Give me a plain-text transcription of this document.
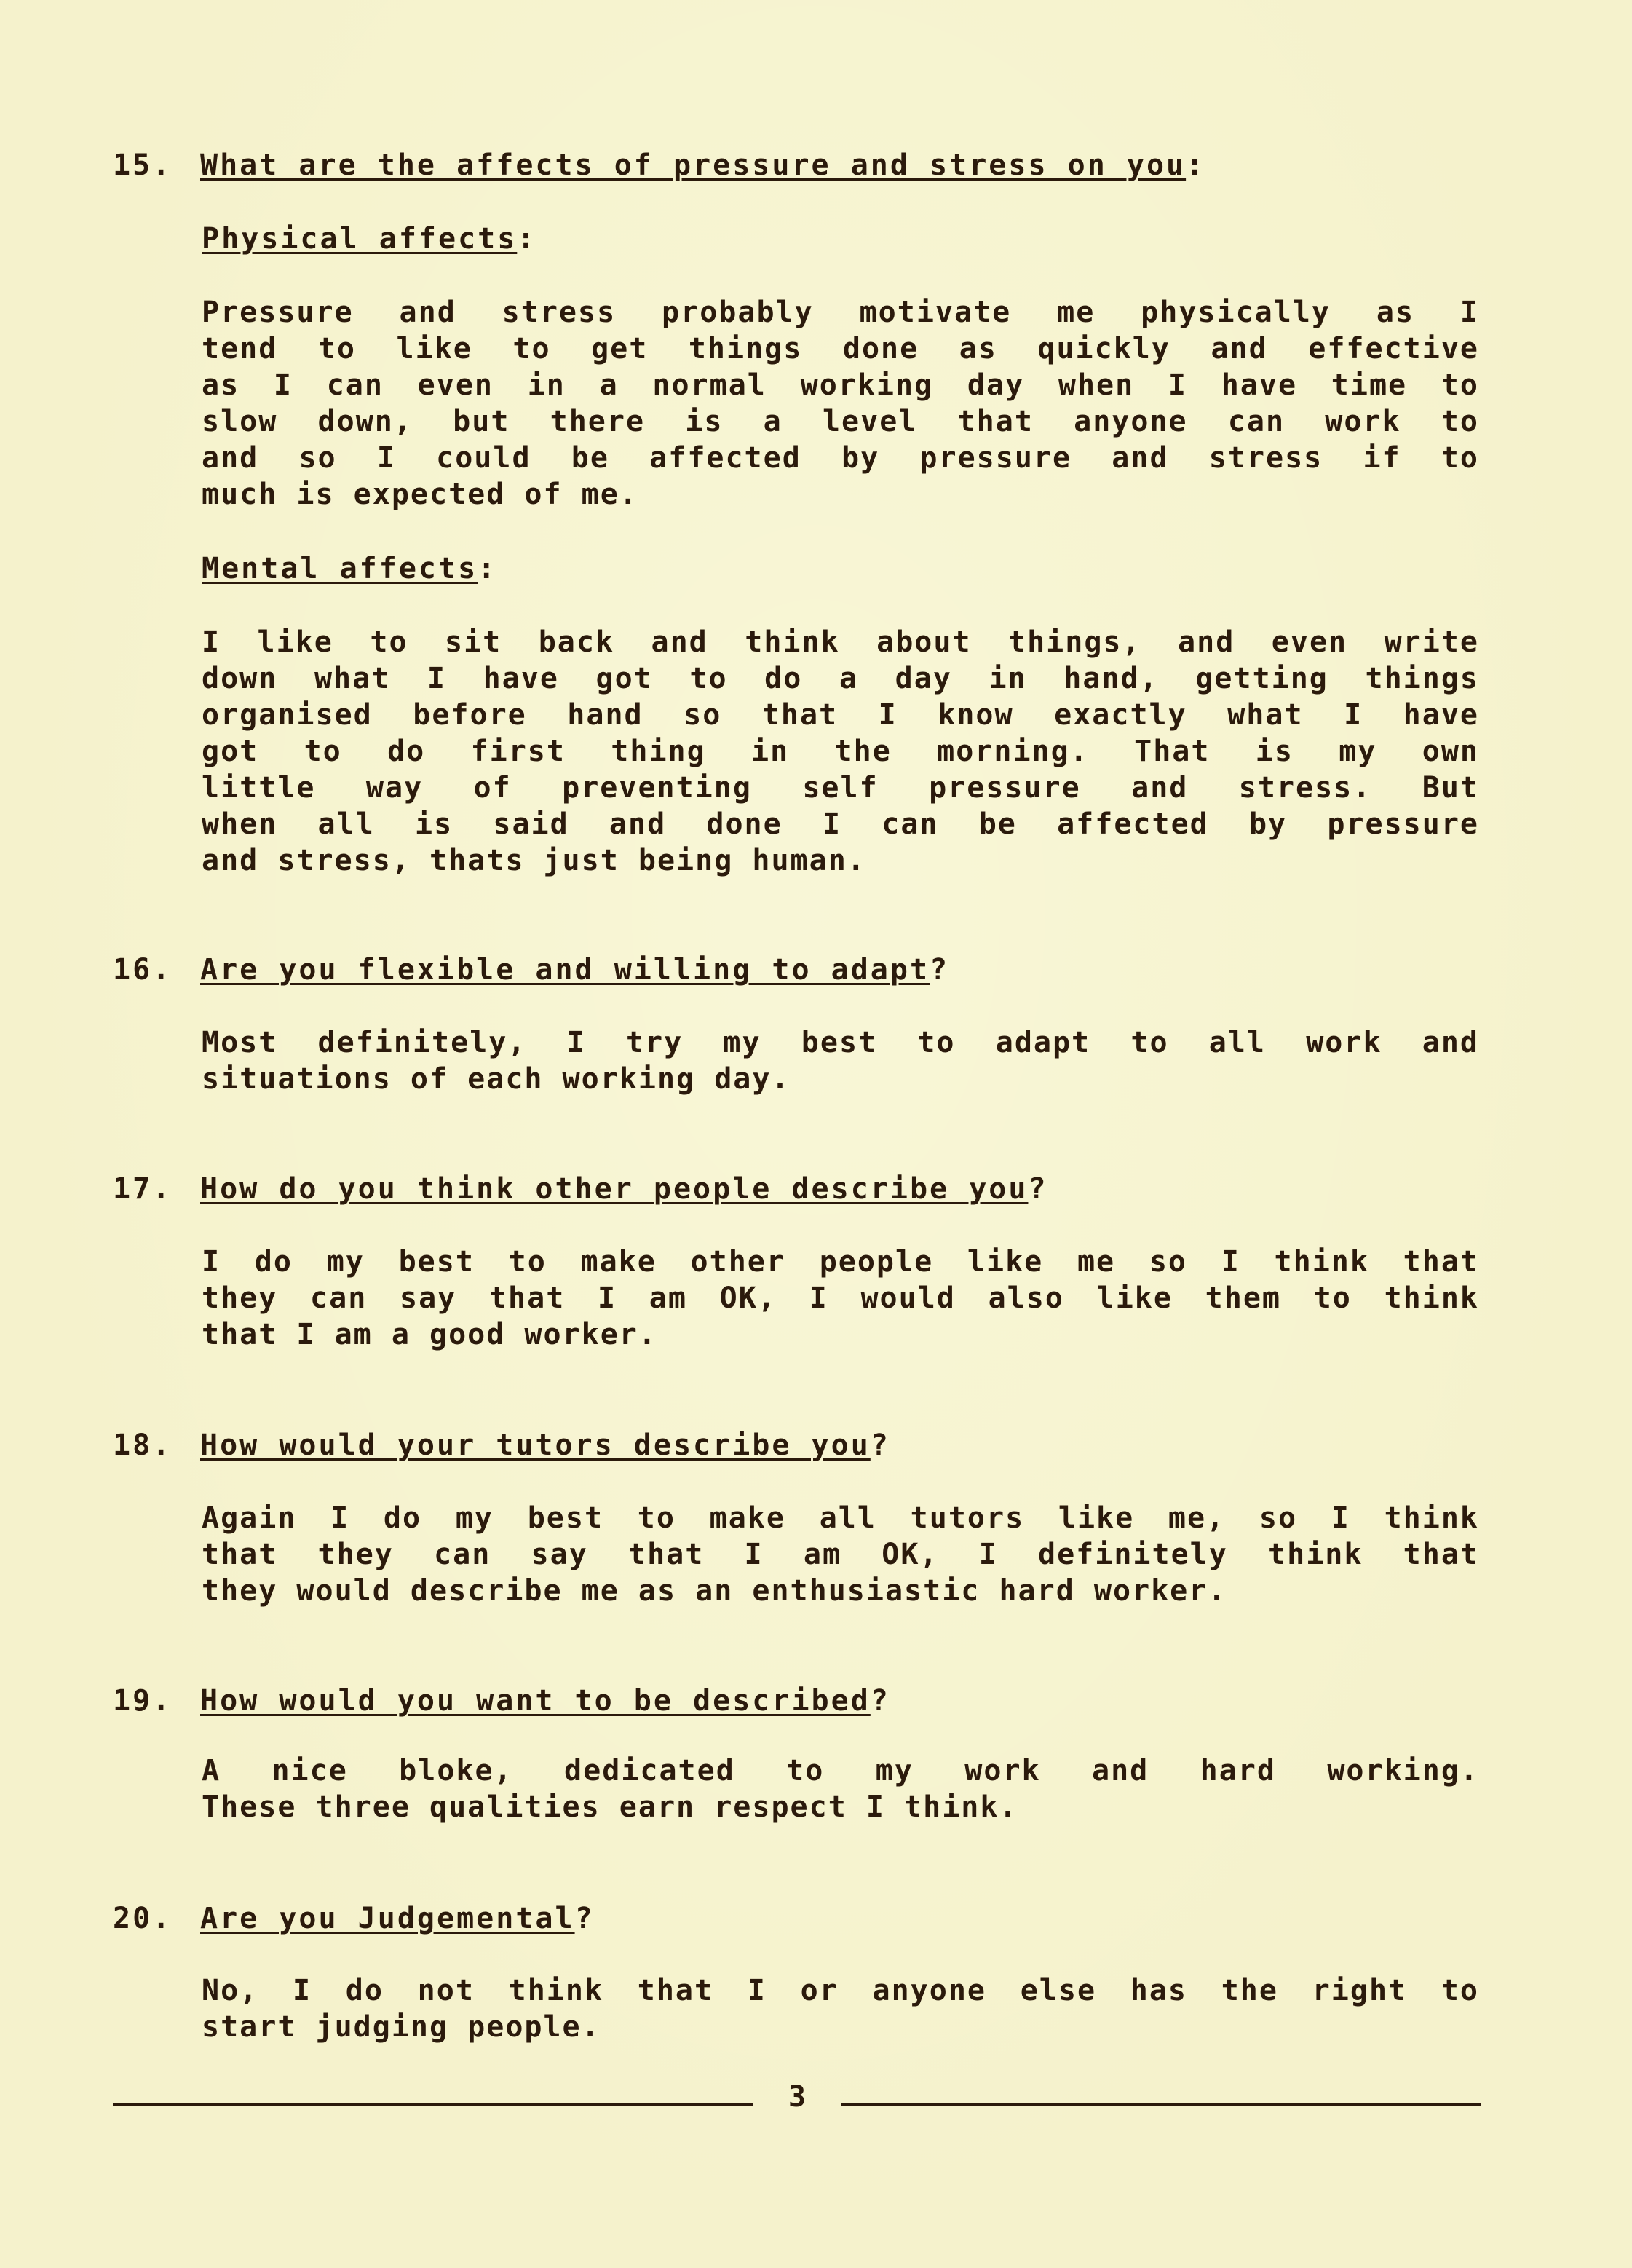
15. What are the affects of pressure and stress on you:
Physical affects:
Pressure and stress probably motivate me physically as I
tend to like to get things done as quickly and effective
as I can even in a normal working day when I have time to
slow down, but there is a level that anyone can work to
and so I could be affected by pressure and stress if to
much is expected of me.
Mental affects:
I like to sit back and think about things, and even write
down what I have got to do a day in hand, getting things
organised before hand so that I know exactly what I have
got to do first thing in the morning. That is my own
little way of preventing self pressure and stress. But
when all is said and done I can be affected by pressure
and stress, thats just being human.
16. Are you flexible and willing to adapt?
Most definitely, I try my best to adapt to all work and
situations of each working day.
17. How do you think other people describe you?
I do my best to make other people like me so I think that
they can say that I am OK, I would also like them to think
that I am a good worker.
18. How would your tutors describe you?
Again I do my best to make all tutors like me, so I think
that they can say that I am OK, I definitely think that
they would describe me as an enthusiastic hard worker.
19. How would you want to be described?
A nice bloke, dedicated to my work and hard working.
These three qualities earn respect I think.
20. Are you Judgemental?
No, I do not think that I or anyone else has the right to
start judging people.
3
